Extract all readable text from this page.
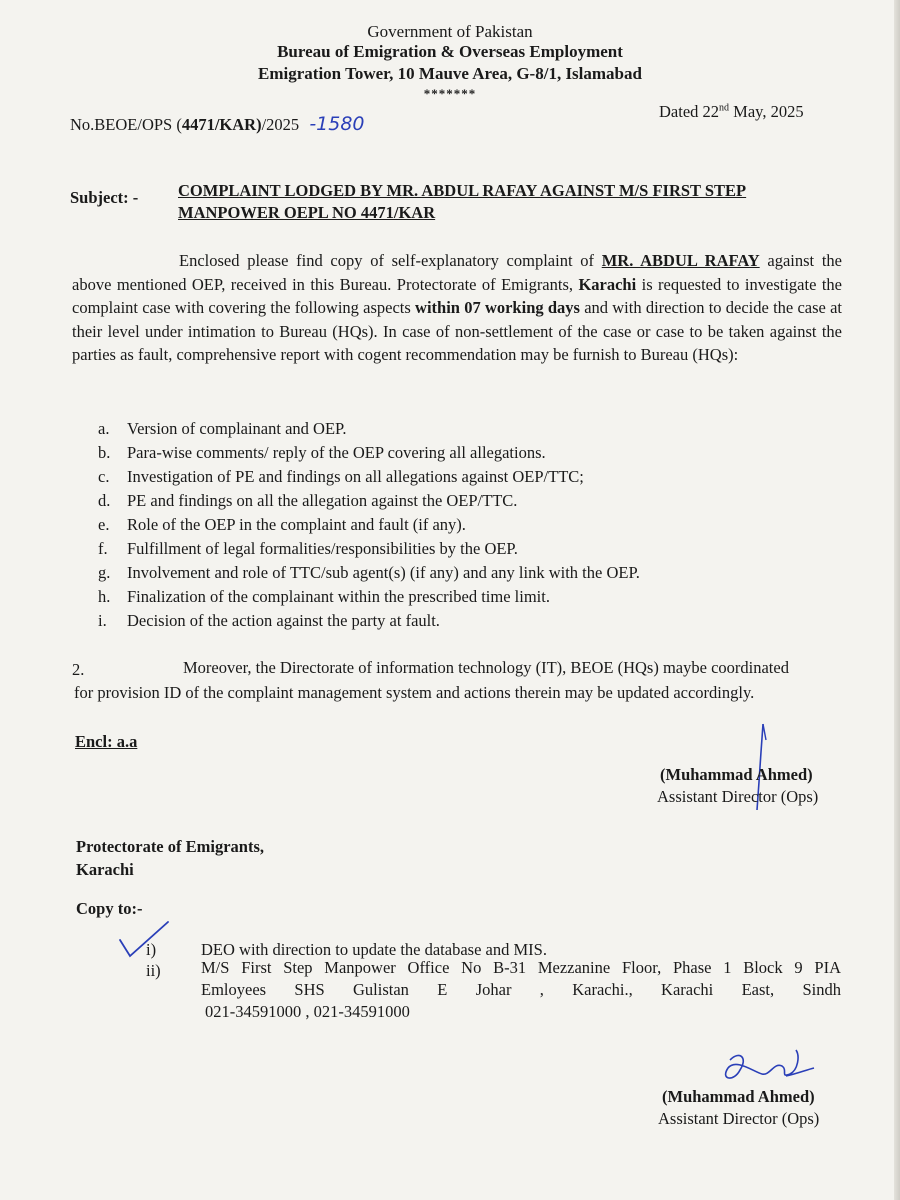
Government of Pakistan
Bureau of Emigration & Overseas Employment
Emigration Tower, 10 Mauve Area, G-8/1, Islamabad
*******
No.BEOE/OPS (4471/KAR)/2025 -1580
Dated 22nd May, 2025
Subject: - COMPLAINT LODGED BY MR. ABDUL RAFAY AGAINST M/S FIRST STEP
MANPOWER OEPL NO 4471/KAR
Enclosed please find copy of self-explanatory complaint of MR. ABDUL RAFAY against the above mentioned OEP, received in this Bureau. Protectorate of Emigrants, Karachi is requested to investigate the complaint case with covering the following aspects within 07 working days and with direction to decide the case at their level under intimation to Bureau (HQs). In case of non-settlement of the case or case to be taken against the parties as fault, comprehensive report with cogent recommendation may be furnish to Bureau (HQs):
a. Version of complainant and OEP.
b. Para-wise comments/ reply of the OEP covering all allegations.
c. Investigation of PE and findings on all allegations against OEP/TTC;
d. PE and findings on all the allegation against the OEP/TTC.
e. Role of the OEP in the complaint and fault (if any).
f. Fulfillment of legal formalities/responsibilities by the OEP.
g. Involvement and role of TTC/sub agent(s) (if any) and any link with the OEP.
h. Finalization of the complainant within the prescribed time limit.
i. Decision of the action against the party at fault.
2.	Moreover, the Directorate of information technology (IT), BEOE (HQs) maybe coordinated
for provision ID of the complaint management system and actions therein may be updated accordingly.
Encl: a.a
(Muhammad Ahmed)
Assistant Director (Ops)
Protectorate of Emigrants,
Karachi
Copy to:-
i)	DEO with direction to update the database and MIS.
ii) M/S First Step Manpower Office No B-31 Mezzanine Floor, Phase 1 Block 9 PIA
Emloyees SHS Gulistan E Johar , Karachi., Karachi East, Sindh
021-34591000 , 021-34591000
(Muhammad Ahmed)
Assistant Director (Ops)
